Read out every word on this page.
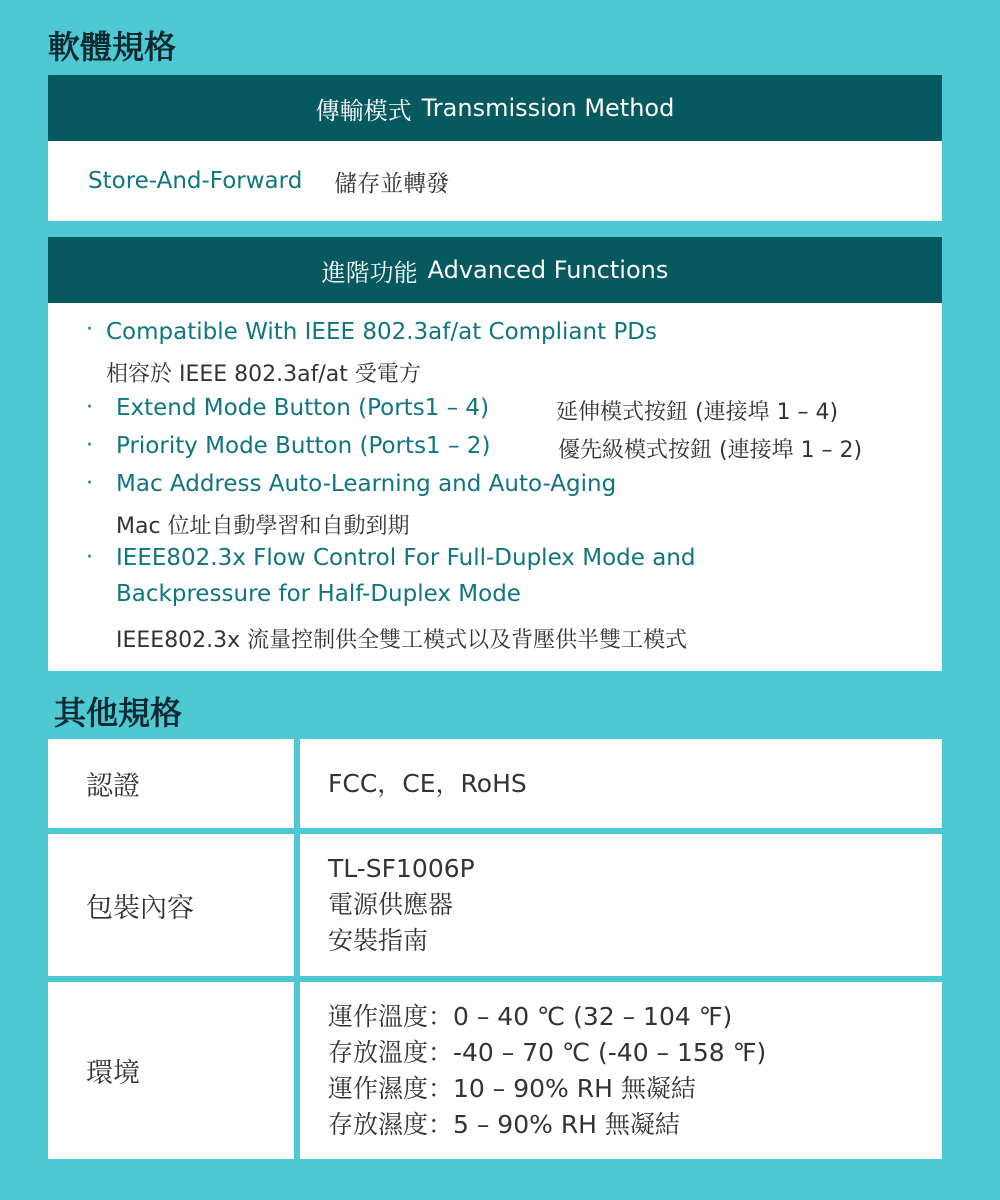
軟體規格
傳輸模式 Transmission Method
Store-And-Forward 儲存並轉發
進階功能 Advanced Functions
· Compatible With IEEE 802.3af/at Compliant PDs
相容於 IEEE 802.3af/at 受電方
· Extend Mode Button (Ports1 – 4)	延伸模式按鈕 (連接埠 1 – 4)
· Priority Mode Button (Ports1 – 2)	優先級模式按鈕 (連接埠 1 – 2)
· Mac Address Auto-Learning and Auto-Aging
Mac 位址自動學習和自動到期
· IEEE802.3x Flow Control For Full-Duplex Mode and
Backpressure for Half-Duplex Mode
IEEE802.3x 流量控制供全雙工模式以及背壓供半雙工模式
其他規格
認證	FCC，CE，RoHS

包裝內容	TL-SF1006P
電源供應器
安裝指南

環境	運作溫度：0 – 40 ℃ (32 – 104 ℉)
存放溫度：-40 – 70 ℃ (-40 – 158 ℉)
運作濕度：10 – 90% RH 無凝結
存放濕度：5 – 90% RH 無凝結
